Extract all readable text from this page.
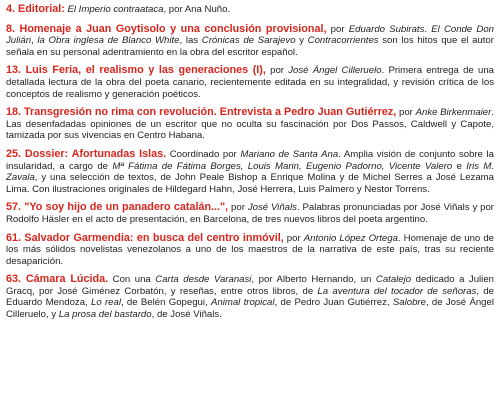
4. Editorial: El Imperio contraataca, por Ana Nuño.

8. Homenaje a Juan Goytisolo y una conclusión provisional, por Eduardo Subirats. El Conde Don Julián, la Obra inglesa de Blanco White, las Crónicas de Sarajevo y Contracorrientes son los hitos que el autor señala en su personal adentramiento en la obra del escritor español.

13. Luis Feria, el realismo y las generaciones (I), por José Ángel Cilleruelo. Primera entrega de una detallada lectura de la obra del poeta canario, recientemente editada en su integralidad, y revisión crítica de los conceptos de realismo y generación poéticos.

18. Transgresión no rima con revolución. Entrevista a Pedro Juan Gutiérrez, por Anke Birkenmaier. Las desenfadadas opiniones de un escritor que no oculta su fascinación por Dos Passos, Caldwell y Capote, tamizada por sus vivencias en Centro Habana.

25. Dossier: Afortunadas Islas. Coordinado por Mariano de Santa Ana. Amplia visión de conjunto sobre la insularidad, a cargo de Mª Fátima de Fátima Borges, Louis Marin, Eugenio Padorno, Vicente Valero e Iris M. Zavala, y una selección de textos, de John Peale Bishop a Enrique Molina y de Michel Serres a José Lezama Lima. Con ilustraciones originales de Hildegard Hahn, José Herrera, Luis Palmero y Nestor Torrens.

57. "Yo soy hijo de un panadero catalán...", por José Viñals. Palabras pronunciadas por José Viñals y por Rodolfo Häsler en el acto de presentación, en Barcelona, de tres nuevos libros del poeta argentino.

61. Salvador Garmendia: en busca del centro inmóvil, por Antonio López Ortega. Homenaje de uno de los más sólidos novelistas venezolanos a uno de los maestros de la narrativa de este país, tras su reciente desaparición.

63. Cámara Lúcida. Con una Carta desde Varanasi, por Alberto Hernando, un Catalejo dedicado a Julien Gracq, por José Giménez Corbatón, y reseñas, entre otros libros, de La aventura del tocador de señoras, de Eduardo Mendoza, Lo real, de Belén Gopegui, Animal tropical, de Pedro Juan Gutiérrez, Salobre, de José Ángel Cilleruelo, y La prosa del bastardo, de José Viñals.
